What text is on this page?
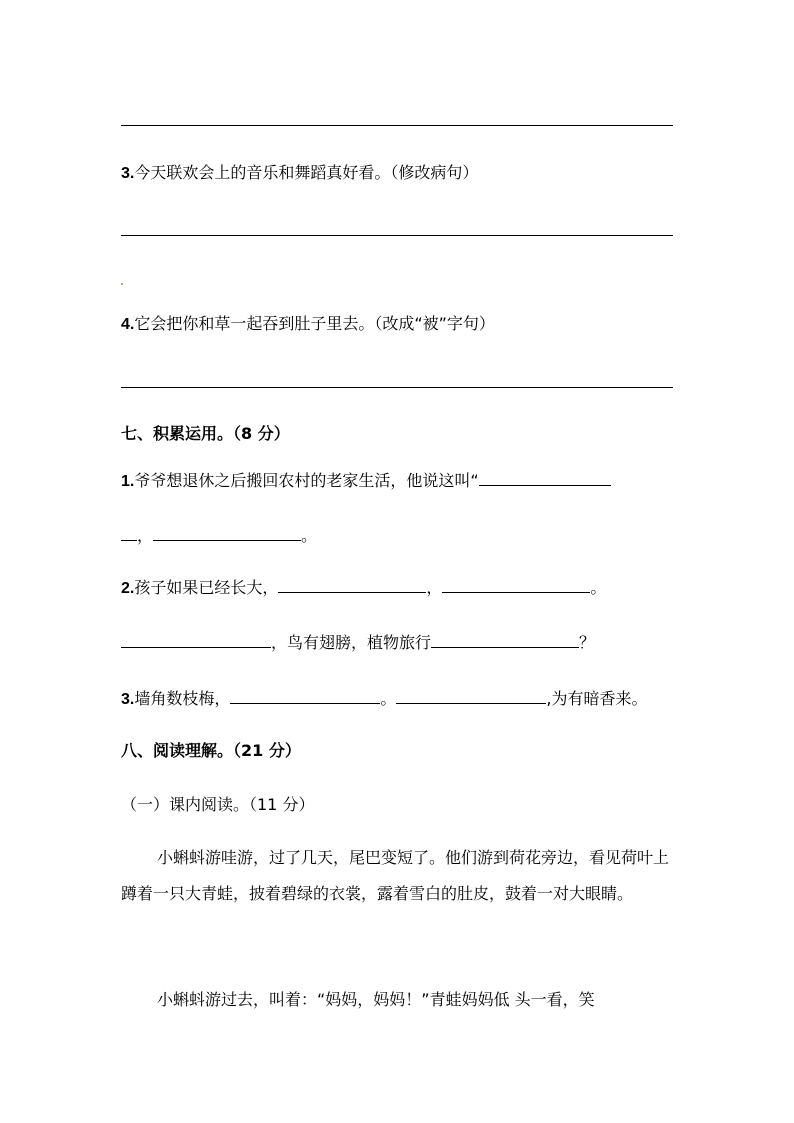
3.今天联欢会上的音乐和舞蹈真好看。（修改病句）
4.它会把你和草一起吞到肚子里去。（改成“被”字句）
七、积累运用。（8 分）
1.爷爷想退休之后搬回农村的老家生活，他说这叫“
，	。
2.孩子如果已经长大，	，	。
，鸟有翅膀，植物旅行	？
3.墙角数枝梅，	。	,为有暗香来。
八、阅读理解。（21 分）
（一）课内阅读。（11 分）
小蝌蚪游哇游，过了几天，尾巴变短了。他们游到荷花旁边，看见荷叶上蹲着一只大青蛙，披着碧绿的衣裳，露着雪白的肚皮，鼓着一对大眼睛。
小蝌蚪游过去，叫着：“妈妈，妈妈！”青蛙妈妈低 头一看，笑
